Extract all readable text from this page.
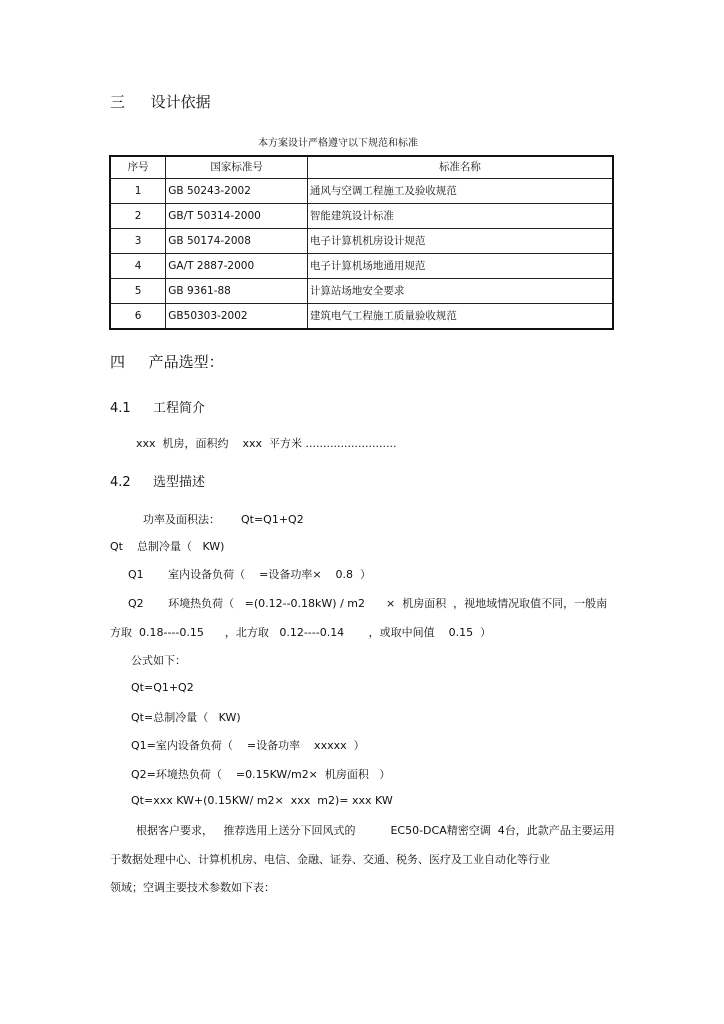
三 设计依据
本方案设计严格遵守以下规范和标准
序号	国家标准号	标准名称
1	GB 50243-2002	通风与空调工程施工及验收规范
2	GB/T 50314-2000	智能建筑设计标准
3	GB 50174-2008	电子计算机机房设计规范
4	GA/T 2887-2000	电子计算机场地通用规范
5	GB 9361-88	计算站场地安全要求
6	GB50303-2002	建筑电气工程施工质量验收规范
四 产品选型：
4.1 工程简介
xxx  机房，面积约    xxx  平方米 ..........................
4.2 选型描述
功率及面积法：      Qt=Q1+Q2
Qt    总制冷量（   KW)
Q1       室内设备负荷（    =设备功率×    0.8  ）
Q2       环境热负荷（   =(0.12--0.18kW) / m2      ×  机房面积  ，视地域情况取值不同，一般南
方取  0.18----0.15      ，北方取   0.12----0.14       ，或取中间值    0.15  ）
公式如下：
Qt=Q1+Q2
Qt=总制冷量（   KW)
Q1=室内设备负荷（    =设备功率    xxxxx  ）
Q2=环境热负荷（    =0.15KW/m2×  机房面积   ）
Qt=xxx KW+(0.15KW/ m2×  xxx  m2)= xxx KW
根据客户要求，   推荐选用上送分下回风式的          EC50-DCA精密空调  4台，此款产品主要运用
于数据处理中心、计算机机房、电信、金融、证券、交通、税务、医疗及工业自动化等行业
领域；空调主要技术参数如下表：
